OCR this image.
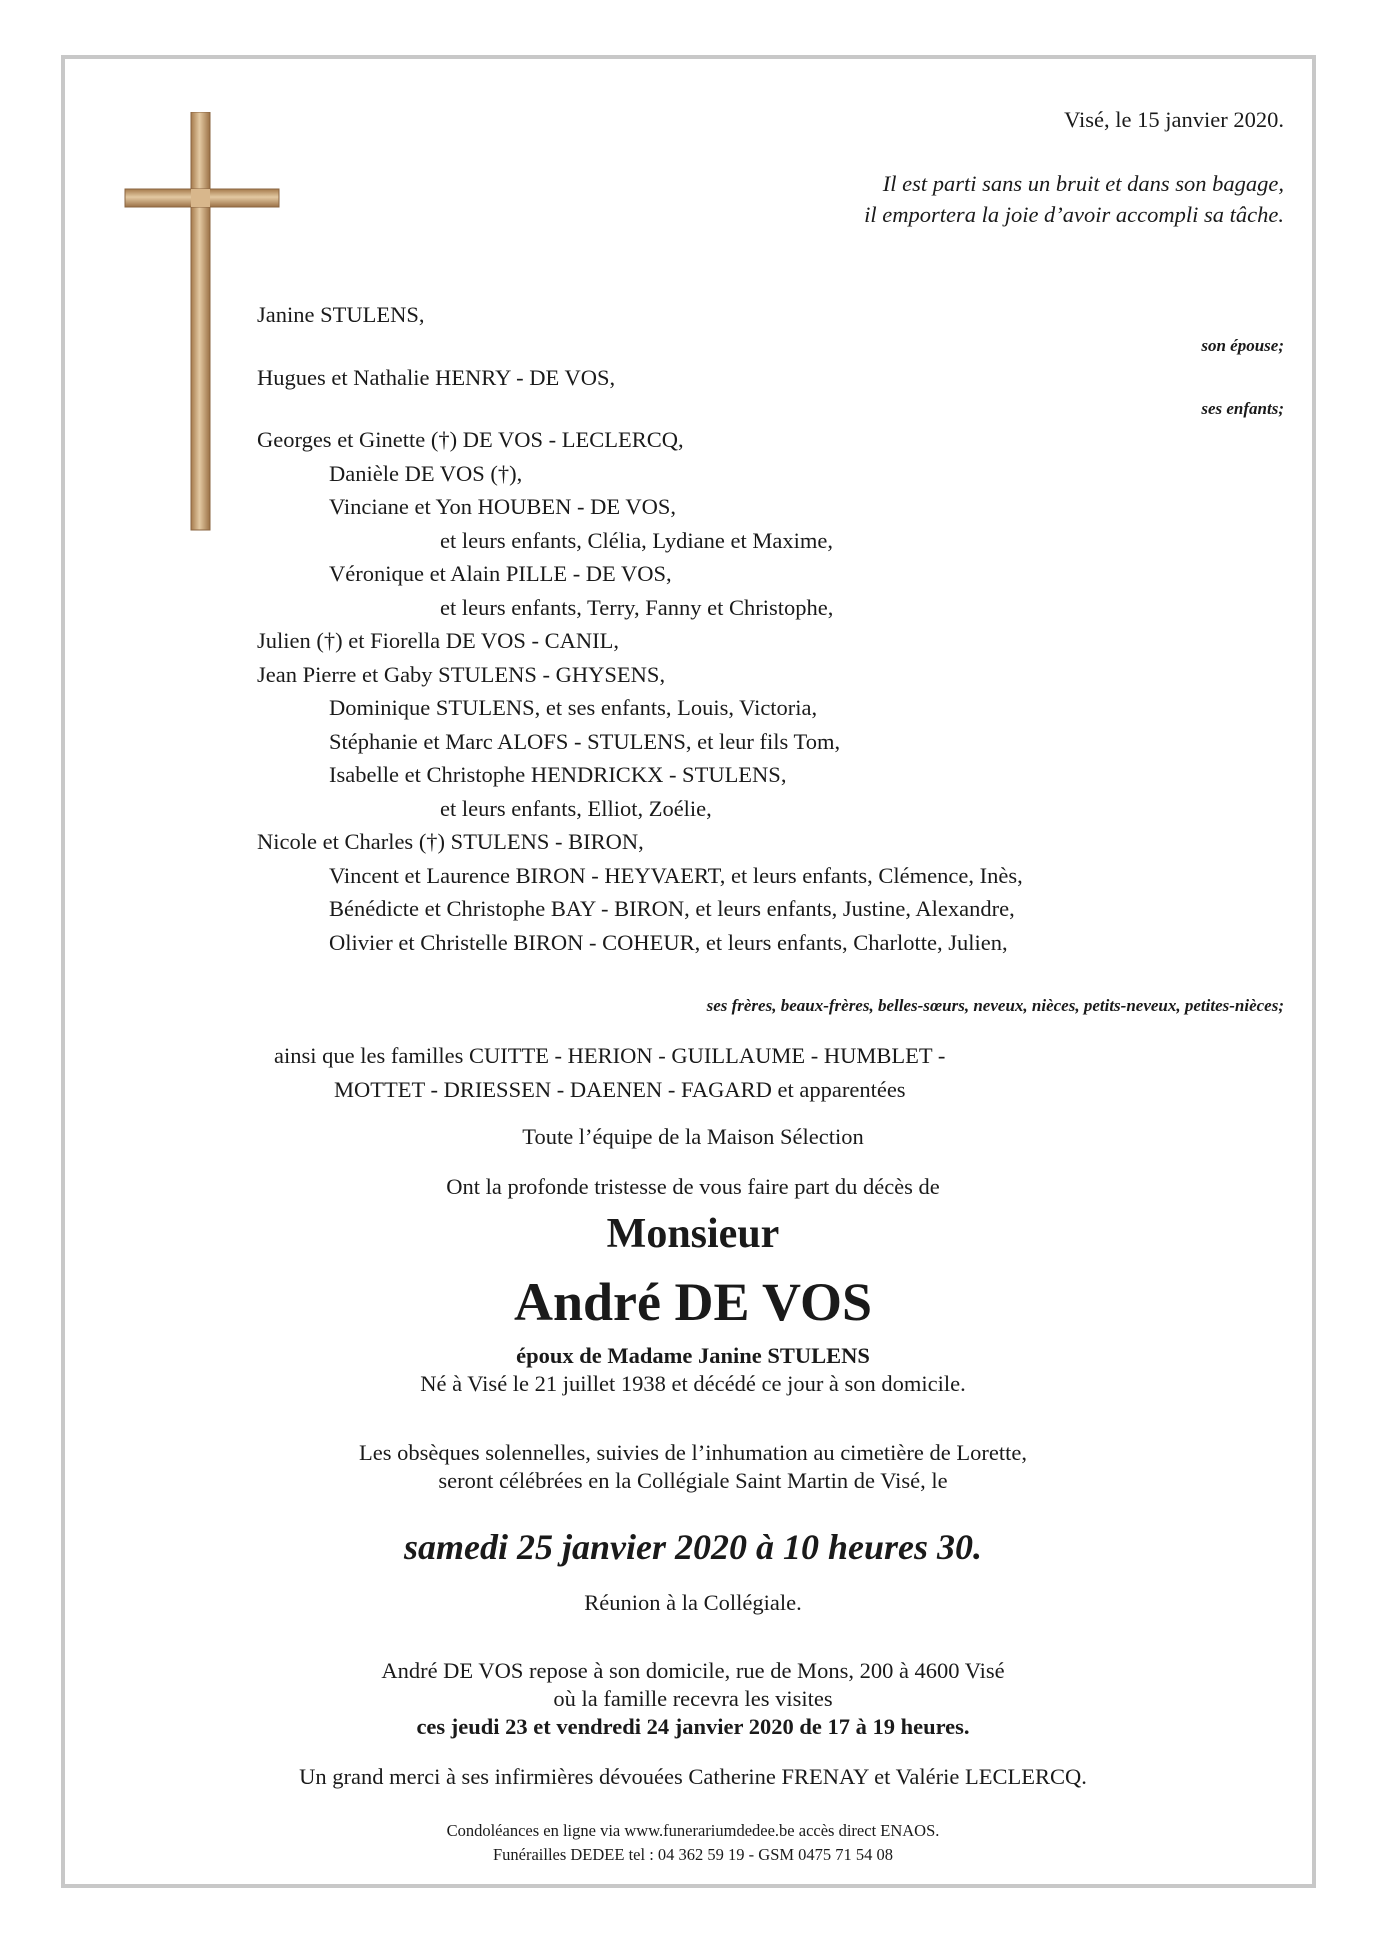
Visé, le 15 janvier 2020.
Il est parti sans un bruit et dans son bagage,
il emportera la joie d’avoir accompli sa tâche.
Janine STULENS,
son épouse;
Hugues et Nathalie HENRY - DE VOS,
ses enfants;
Georges et Ginette (†) DE VOS - LECLERCQ,
Danièle DE VOS (†),
Vinciane et Yon HOUBEN - DE VOS,
et leurs enfants, Clélia, Lydiane et Maxime,
Véronique et Alain PILLE - DE VOS,
et leurs enfants, Terry, Fanny et Christophe,
Julien (†) et Fiorella DE VOS - CANIL,
Jean Pierre et Gaby STULENS - GHYSENS,
Dominique STULENS, et ses enfants, Louis, Victoria,
Stéphanie et Marc ALOFS - STULENS, et leur fils Tom,
Isabelle et Christophe HENDRICKX - STULENS,
et leurs enfants, Elliot, Zoélie,
Nicole et Charles (†) STULENS - BIRON,
Vincent et Laurence BIRON - HEYVAERT, et leurs enfants, Clémence, Inès,
Bénédicte et Christophe BAY - BIRON, et leurs enfants, Justine, Alexandre,
Olivier et Christelle BIRON - COHEUR, et leurs enfants, Charlotte, Julien,
ses frères, beaux-frères, belles-sœurs, neveux, nièces, petits-neveux, petites-nièces;
ainsi que les familles CUITTE - HERION - GUILLAUME - HUMBLET -
MOTTET - DRIESSEN - DAENEN - FAGARD et apparentées
Toute l’équipe de la Maison Sélection
Ont la profonde tristesse de vous faire part du décès de
Monsieur
André DE VOS
époux de Madame Janine STULENS
Né à Visé le 21 juillet 1938 et décédé ce jour à son domicile.
Les obsèques solennelles, suivies de l’inhumation au cimetière de Lorette,
seront célébrées en la Collégiale Saint Martin de Visé, le
samedi 25 janvier 2020 à 10 heures 30.
Réunion à la Collégiale.
André DE VOS repose à son domicile, rue de Mons, 200 à 4600 Visé
où la famille recevra les visites
ces jeudi 23 et vendredi 24 janvier 2020 de 17 à 19 heures.
Un grand merci à ses infirmières dévouées Catherine FRENAY et Valérie LECLERCQ.
Condoléances en ligne via www.funerariumdedee.be accès direct ENAOS.
Funérailles DEDEE tel : 04 362 59 19 - GSM 0475 71 54 08
